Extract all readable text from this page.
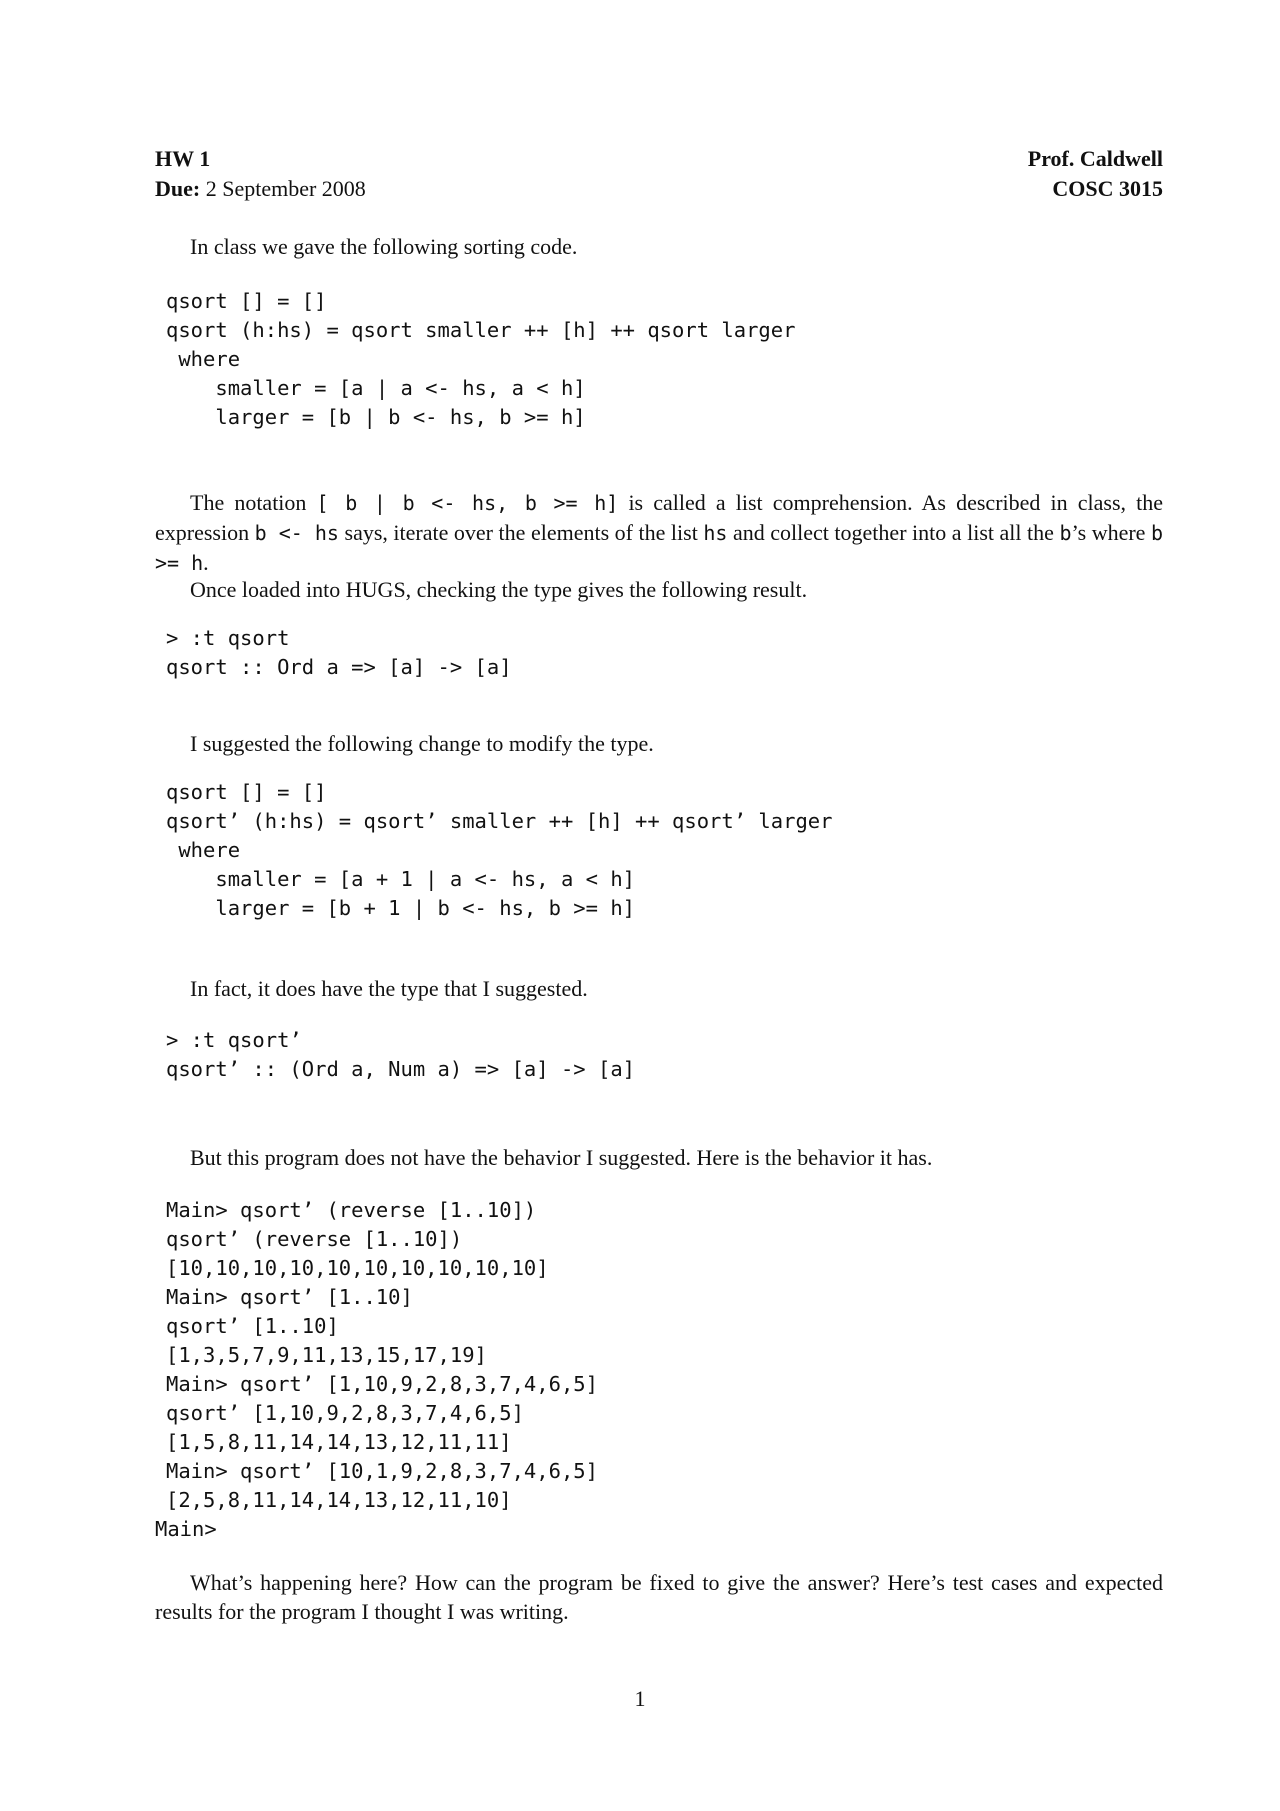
HW 1
Due: 2 September 2008
Prof. Caldwell
COSC 3015
In class we gave the following sorting code.
qsort [] = []
qsort (h:hs) = qsort smaller ++ [h] ++ qsort larger
where
smaller = [a | a <- hs, a < h]
larger = [b | b <- hs, b >= h]
The notation [ b | b <- hs, b >= h] is called a list comprehension. As described in class, the expression b <- hs says, iterate over the elements of the list hs and collect together into a list all the b’s where b >= h.
Once loaded into HUGS, checking the type gives the following result.
> :t qsort
qsort :: Ord a => [a] -> [a]
I suggested the following change to modify the type.
qsort [] = []
qsort’ (h:hs) = qsort’ smaller ++ [h] ++ qsort’ larger
where
smaller = [a + 1 | a <- hs, a < h]
larger = [b + 1 | b <- hs, b >= h]
In fact, it does have the type that I suggested.
> :t qsort’
qsort’ :: (Ord a, Num a) => [a] -> [a]
But this program does not have the behavior I suggested. Here is the behavior it has.
Main> qsort’ (reverse [1..10])
qsort’ (reverse [1..10])
[10,10,10,10,10,10,10,10,10,10]
Main> qsort’ [1..10]
qsort’ [1..10]
[1,3,5,7,9,11,13,15,17,19]
Main> qsort’ [1,10,9,2,8,3,7,4,6,5]
qsort’ [1,10,9,2,8,3,7,4,6,5]
[1,5,8,11,14,14,13,12,11,11]
Main> qsort’ [10,1,9,2,8,3,7,4,6,5]
[2,5,8,11,14,14,13,12,11,10]
Main>
What’s happening here? How can the program be fixed to give the answer? Here’s test cases and expected results for the program I thought I was writing.
1
